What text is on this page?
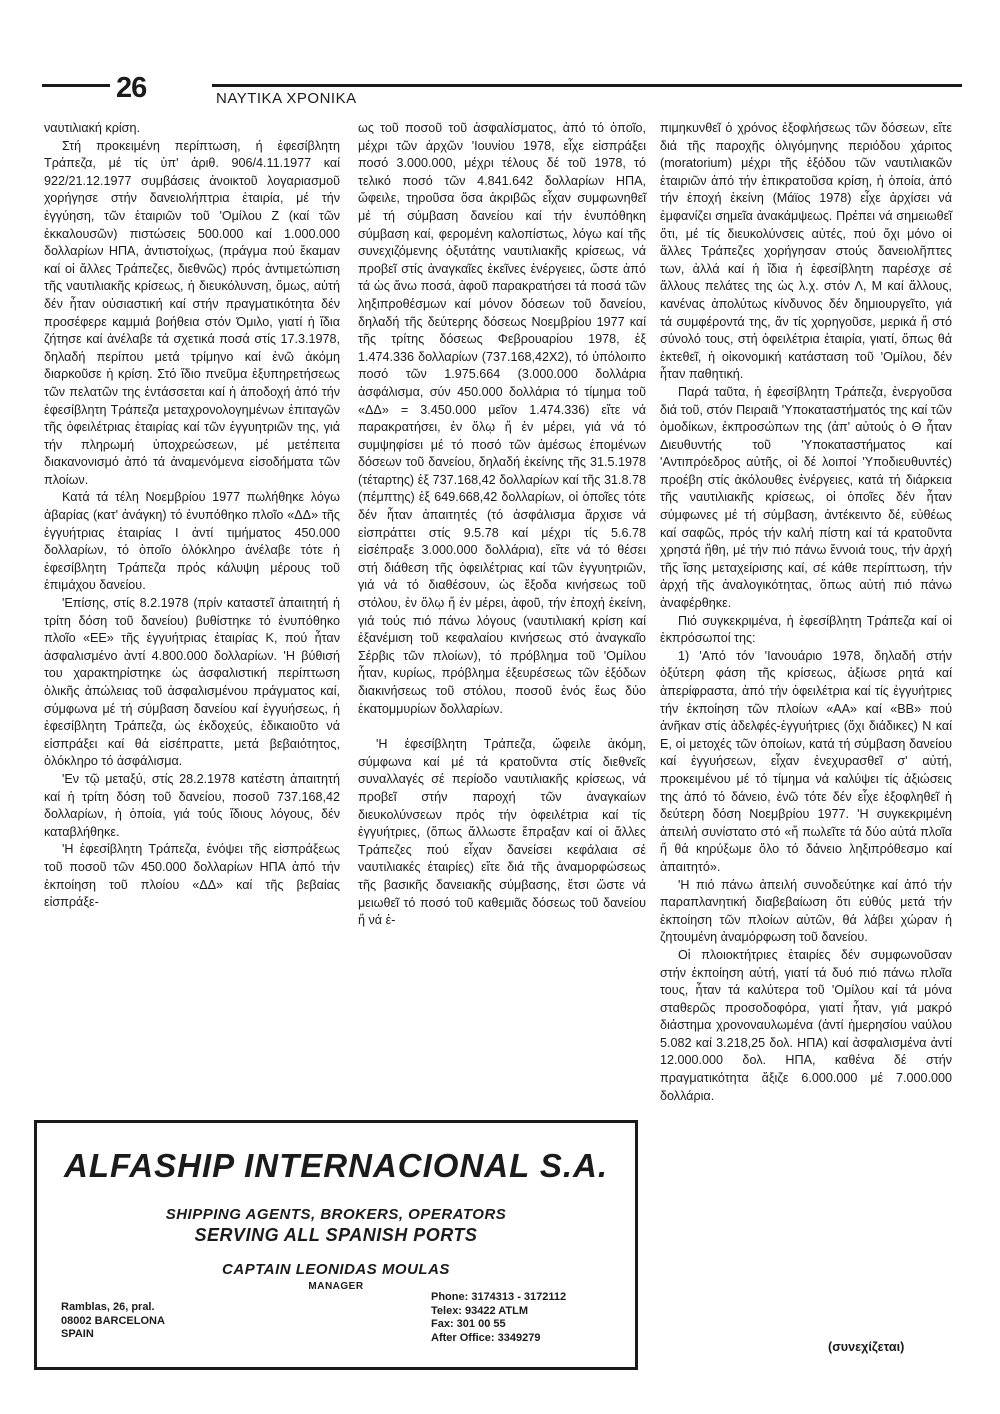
26	ΝΑΥΤΙΚΑ ΧΡΟΝΙΚΑ

ναυτιλιακή κρίση.

Στή προκειμένη περίπτωση, ή ἐφεσίβλητη Τράπεζα, μέ τίς ὑπ' ἀριθ. 906/4.11.1977 καί 922/21.12.1977 συμβάσεις ἀνοικτοῦ λογαριασμοῦ χορήγησε στήν δανειολήπτρια ἑταιρία, μέ τήν ἐγγύηση, τῶν ἑταιριῶν τοῦ 'Ομίλου Ζ (καί τῶν ἐκκαλουσῶν) πιστώσεις 500.000 καί 1.000.000 δολλαρίων ΗΠΑ, ἀντιστοίχως, (πράγμα πού ἔκαμαν καί οἱ ἄλλες Τράπεζες, διεθνῶς) πρός ἀντιμετώπιση τῆς ναυτιλιακῆς κρίσεως, ἡ διευκόλυνση, ὅμως, αὐτή δέν ἦταν οὐσιαστική καί στήν πραγματικότητα δέν προσέφερε καμμιά βοήθεια στόν Όμιλο, γιατί ἡ ἴδια ζήτησε καί ἀνέλαβε τά σχετικά ποσά στίς 17.3.1978, δηλαδή περίπου μετά τρίμηνο καί ἐνῶ ἀκόμη διαρκοῦσε ἡ κρίση. Στό ἴδιο πνεῦμα ἐξυπηρετήσεως τῶν πελατῶν της ἐντάσσεται καί ἡ ἀποδοχή ἀπό τήν ἐφεσίβλητη Τράπεζα μεταχρονολογημένων ἐπιταγῶν τῆς ὀφειλέτριας ἑταιρίας καί τῶν ἐγγυητριῶν της, γιά τήν πληρωμή ὑποχρεώσεων, μέ μετέπειτα διακανονισμό ἀπό τά ἀναμενόμενα εἰσοδήματα τῶν πλοίων.

Κατά τά τέλη Νοεμβρίου 1977 πωλήθηκε λόγω ἀβαρίας (κατ' ἀνάγκη) τό ἐνυπόθηκο πλοῖο «ΔΔ» τῆς ἐγγυήτριας ἑταιρίας Ι ἀντί τιμήματος 450.000 δολλαρίων, τό ὁποῖο ὁλόκληρο ἀνέλαβε τότε ἡ ἐφεσίβλητη Τράπεζα πρός κάλυψη μέρους τοῦ ἐπιμάχου δανείου.

'Επίσης, στίς 8.2.1978 (πρίν καταστεῖ ἀπαιτητή ἡ τρίτη δόση τοῦ δανείου) βυθίστηκε τό ἐνυπόθηκο πλοῖο «ΕΕ» τῆς ἐγγυήτριας ἑταιρίας Κ, πού ἦταν ἀσφαλισμένο ἀντί 4.800.000 δολλαρίων. 'Η βύθισή του χαρακτηρίστηκε ὡς ἀσφαλιστική περίπτωση ὁλικῆς ἀπώλειας τοῦ ἀσφαλισμένου πράγματος καί, σύμφωνα μέ τή σύμβαση δανείου καί ἐγγυήσεως, ἡ ἐφεσίβλητη Τράπεζα, ὡς ἐκδοχεύς, ἐδικαιοῦτο νά εἰσπράξει καί θά εἰσέπραττε, μετά βεβαιότητος, ὁλόκληρο τό ἀσφάλισμα.

'Εν τῷ μεταξύ, στίς 28.2.1978 κατέστη ἀπαιτητή καί ἡ τρίτη δόση τοῦ δανείου, ποσοῦ 737.168,42 δολλαρίων, ἡ ὁποία, γιά τούς ἴδιους λόγους, δέν καταβλήθηκε.

'Η ἐφεσίβλητη Τράπεζα, ἐνόψει τῆς εἰσπράξεως τοῦ ποσοῦ τῶν 450.000 δολλαρίων ΗΠΑ ἀπό τήν ἐκποίηση τοῦ πλοίου «ΔΔ» καί τῆς βεβαίας εἰσπράξε-

ως τοῦ ποσοῦ τοῦ ἀσφαλίσματος, ἀπό τό ὁποῖο, μέχρι τῶν ἀρχῶν 'Ιουνίου 1978, εἶχε εἰσπράξει ποσό 3.000.000, μέχρι τέλους δέ τοῦ 1978, τό τελικό ποσό τῶν 4.841.642 δολλαρίων ΗΠΑ, ὤφειλε, τηροῦσα ὅσα ἀκριβῶς εἶχαν συμφωνηθεῖ μέ τή σύμβαση δανείου καί τήν ἐνυπόθηκη σύμβαση καί, φερομένη καλοπίστως, λόγω καί τῆς συνεχιζόμενης ὀξυτάτης ναυτιλιακῆς κρίσεως, νά προβεῖ στίς ἀναγκαῖες ἐκεῖνες ἐνέργειες, ὥστε ἀπό τά ὡς ἄνω ποσά, ἀφοῦ παρακρατήσει τά ποσά τῶν ληξιπροθέσμων καί μόνον δόσεων τοῦ δανείου, δηλαδή τῆς δεύτερης δόσεως Νοεμβρίου 1977 καί τῆς τρίτης δόσεως Φεβρουαρίου 1978, ἐξ 1.474.336 δολλαρίων (737.168,42Χ2), τό ὑπόλοιπο ποσό τῶν 1.975.664 (3.000.000 δολλάρια ἀσφάλισμα, σύν 450.000 δολλάρια τό τίμημα τοῦ «ΔΔ» = 3.450.000 μεῖον 1.474.336) εἴτε νά παρακρατήσει, ἐν ὅλῳ ἤ ἐν μέρει, γιά νά τό συμψηφίσει μέ τό ποσό τῶν ἀμέσως ἑπομένων δόσεων τοῦ δανείου, δηλαδή ἐκείνης τῆς 31.5.1978 (τέταρτης) ἐξ 737.168,42 δολλαρίων καί τῆς 31.8.78 (πέμπτης) ἐξ 649.668,42 δολλαρίων, οἱ ὁποῖες τότε δέν ἦταν ἀπαιτητές (τό ἀσφάλισμα ἄρχισε νά εἰσπράττει στίς 9.5.78 καί μέχρι τίς 5.6.78 εἰσέπραξε 3.000.000 δολλάρια), εἴτε νά τό θέσει στή διάθεση τῆς ὀφειλέτριας καί τῶν ἐγγυητριῶν, γιά νά τό διαθέσουν, ὡς ἔξοδα κινήσεως τοῦ στόλου, ἐν ὅλῳ ἤ ἐν μέρει, ἀφοῦ, τήν ἐποχή ἐκείνη, γιά τούς πιό πάνω λόγους (ναυτιλιακή κρίση καί ἐξανέμιση τοῦ κεφαλαίου κινήσεως στό ἀναγκαῖο Σέρβις τῶν πλοίων), τό πρόβλημα τοῦ 'Ομίλου ἦταν, κυρίως, πρόβλημα ἐξευρέσεως τῶν ἐξόδων διακινήσεως τοῦ στόλου, ποσοῦ ἑνός ἕως δύο ἑκατομμυρίων δολλαρίων.

'Η ἐφεσίβλητη Τράπεζα, ὤφειλε ἀκόμη, σύμφωνα καί μέ τά κρατοῦντα στίς διεθνεῖς συναλλαγές σέ περίοδο ναυτιλιακῆς κρίσεως, νά προβεῖ στήν παροχή τῶν ἀναγκαίων διευκολύνσεων πρός τήν ὀφειλέτρια καί τίς ἐγγυήτριες, (ὅπως ἄλλωστε ἔπραξαν καί οἱ ἄλλες Τράπεζες πού εἶχαν δανείσει κεφάλαια σέ ναυτιλιακές ἑταιρίες) εἴτε διά τῆς ἀναμορφώσεως τῆς βασικῆς δανειακῆς σύμβασης, ἔτσι ὥστε νά μειωθεῖ τό ποσό τοῦ καθεμιᾶς δόσεως τοῦ δανείου ἤ νά ἐ-

πιμηκυνθεῖ ὁ χρόνος ἐξοφλήσεως τῶν δόσεων, εἴτε διά τῆς παροχῆς ὀλιγόμηνης περιόδου χάριτος (moratorium) μέχρι τῆς ἐξόδου τῶν ναυτιλιακῶν ἑταιριῶν ἀπό τήν ἐπικρατοῦσα κρίση, ἡ ὁποία, ἀπό τήν ἐποχή ἐκείνη (Μάϊος 1978) εἶχε ἀρχίσει νά ἐμφανίζει σημεῖα ἀνακάμψεως. Πρέπει νά σημειωθεῖ ὅτι, μέ τίς διευκολύνσεις αὐτές, πού ὄχι μόνο οἱ ἄλλες Τράπεζες χορήγησαν στούς δανειολῆπτες των, ἀλλά καί ἡ ἴδια ἡ ἐφεσίβλητη παρέσχε σέ ἄλλους πελάτες της ὡς λ.χ. στόν Λ, Μ καί ἄλλους, κανένας ἀπολύτως κίνδυνος δέν δημιουργεῖτο, γιά τά συμφέροντά της, ἄν τίς χορηγοῦσε, μερικά ἤ στό σύνολό τους, στή ὀφειλέτρια ἑταιρία, γιατί, ὅπως θά ἐκτεθεῖ, ἡ οἰκονομική κατάσταση τοῦ 'Ομίλου, δέν ἦταν παθητική.

Παρά ταῦτα, ἡ ἐφεσίβλητη Τράπεζα, ἐνεργοῦσα διά τοῦ, στόν Πειραιᾶ 'Υποκαταστήματός της καί τῶν ὁμοδίκων, ἐκπροσώπων της (ἀπ' αὐτούς ὁ Θ ἦταν Διευθυντής τοῦ 'Υποκαταστήματος καί 'Αντιπρόεδρος αὐτῆς, οἱ δέ λοιποί 'Υποδιευθυντές) προέβη στίς ἀκόλουθες ἐνέργειες, κατά τή διάρκεια τῆς ναυτιλιακῆς κρίσεως, οἱ ὁποῖες δέν ἦταν σύμφωνες μέ τή σύμβαση, ἀντέκειντο δέ, εὐθέως καί σαφῶς, πρός τήν καλή πίστη καί τά κρατοῦντα χρηστά ἤθη, μέ τήν πιό πάνω ἔννοιά τους, τήν ἀρχή τῆς ἴσης μεταχείρισης καί, σέ κάθε περίπτωση, τήν ἀρχή τῆς ἀναλογικότητας, ὅπως αὐτή πιό πάνω ἀναφέρθηκε.

Πιό συγκεκριμένα, ἡ ἐφεσίβλητη Τράπεζα καί οἱ ἐκπρόσωποί της:

1) 'Από τόν 'Ιανουάριο 1978, δηλαδή στήν ὀξύτερη φάση τῆς κρίσεως, ἀξίωσε ρητά καί ἀπερίφραστα, ἀπό τήν ὀφειλέτρια καί τίς ἐγγυήτριες τήν ἐκποίηση τῶν πλοίων «ΑΑ» καί «ΒΒ» πού ἀνῆκαν στίς ἀδελφές-ἐγγυήτριες (ὄχι διάδικες) Ν καί Ε, οἱ μετοχές τῶν ὁποίων, κατά τή σύμβαση δανείου καί ἐγγυήσεων, εἶχαν ἐνεχυρασθεῖ σ' αὐτή, προκειμένου μέ τό τίμημα νά καλύψει τίς ἀξιώσεις της ἀπό τό δάνειο, ἐνῶ τότε δέν εἶχε ἐξοφληθεῖ ἡ δεύτερη δόση Νοεμβρίου 1977. 'Η συγκεκριμένη ἀπειλή συνίστατο στό «ἤ πωλεῖτε τά δύο αὐτά πλοῖα ἤ θά κηρύξωμε ὅλο τό δάνειο ληξιπρόθεσμο καί ἀπαιτητό».

'Η πιό πάνω ἀπειλή συνοδεύτηκε καί ἀπό τήν παραπλανητική διαβεβαίωση ὅτι εὐθύς μετά τήν ἐκποίηση τῶν πλοίων αὐτῶν, θά λάβει χώραν ἡ ζητουμένη ἀναμόρφωση τοῦ δανείου.

Οἱ πλοιοκτήτριες ἑταιρίες δέν συμφωνοῦσαν στήν ἐκποίηση αὐτή, γιατί τά δυό πιό πάνω πλοῖα τους, ἦταν τά καλύτερα τοῦ 'Ομίλου καί τά μόνα σταθερῶς προσοδοφόρα, γιατί ἦταν, γιά μακρό διάστημα χρονοναυλωμένα (ἀντί ἡμερησίου ναύλου 5.082 καί 3.218,25 δολ. ΗΠΑ) καί ἀσφαλισμένα ἀντί 12.000.000 δολ. ΗΠΑ, καθένα δέ στήν πραγματικότητα ἄξιζε 6.000.000 μέ 7.000.000 δολλάρια.

(συνεχίζεται)
ALFASHIP INTERNACIONAL S.A.
SHIPPING AGENTS, BROKERS, OPERATORS
SERVING ALL SPANISH PORTS
CAPTAIN LEONIDAS MOULAS
MANAGER
Ramblas, 26, pral.
08002 BARCELONA
SPAIN
Phone: 3174313 - 3172112
Telex: 93422 ATLM
Fax: 301 00 55
After Office: 3349279
